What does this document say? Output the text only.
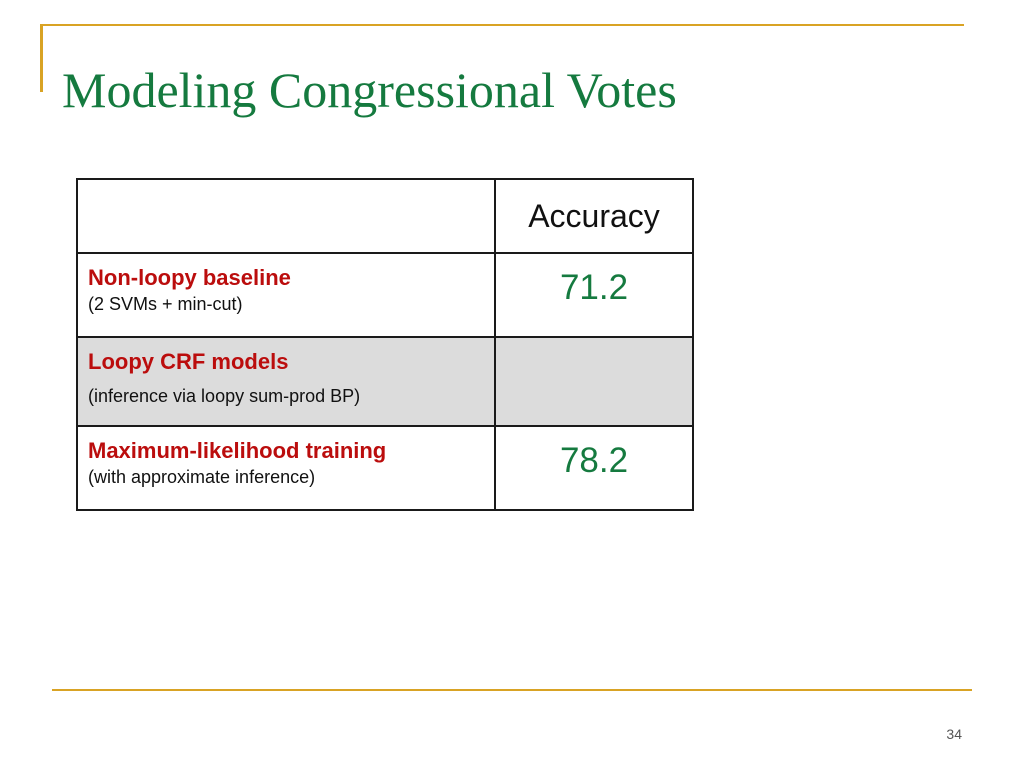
Modeling Congressional Votes
	Accuracy

Non-loopy baseline
(2 SVMs + min-cut)	71.2

Loopy CRF models
(inference via loopy sum-prod BP)	

Maximum-likelihood training
(with approximate inference)	78.2
34
